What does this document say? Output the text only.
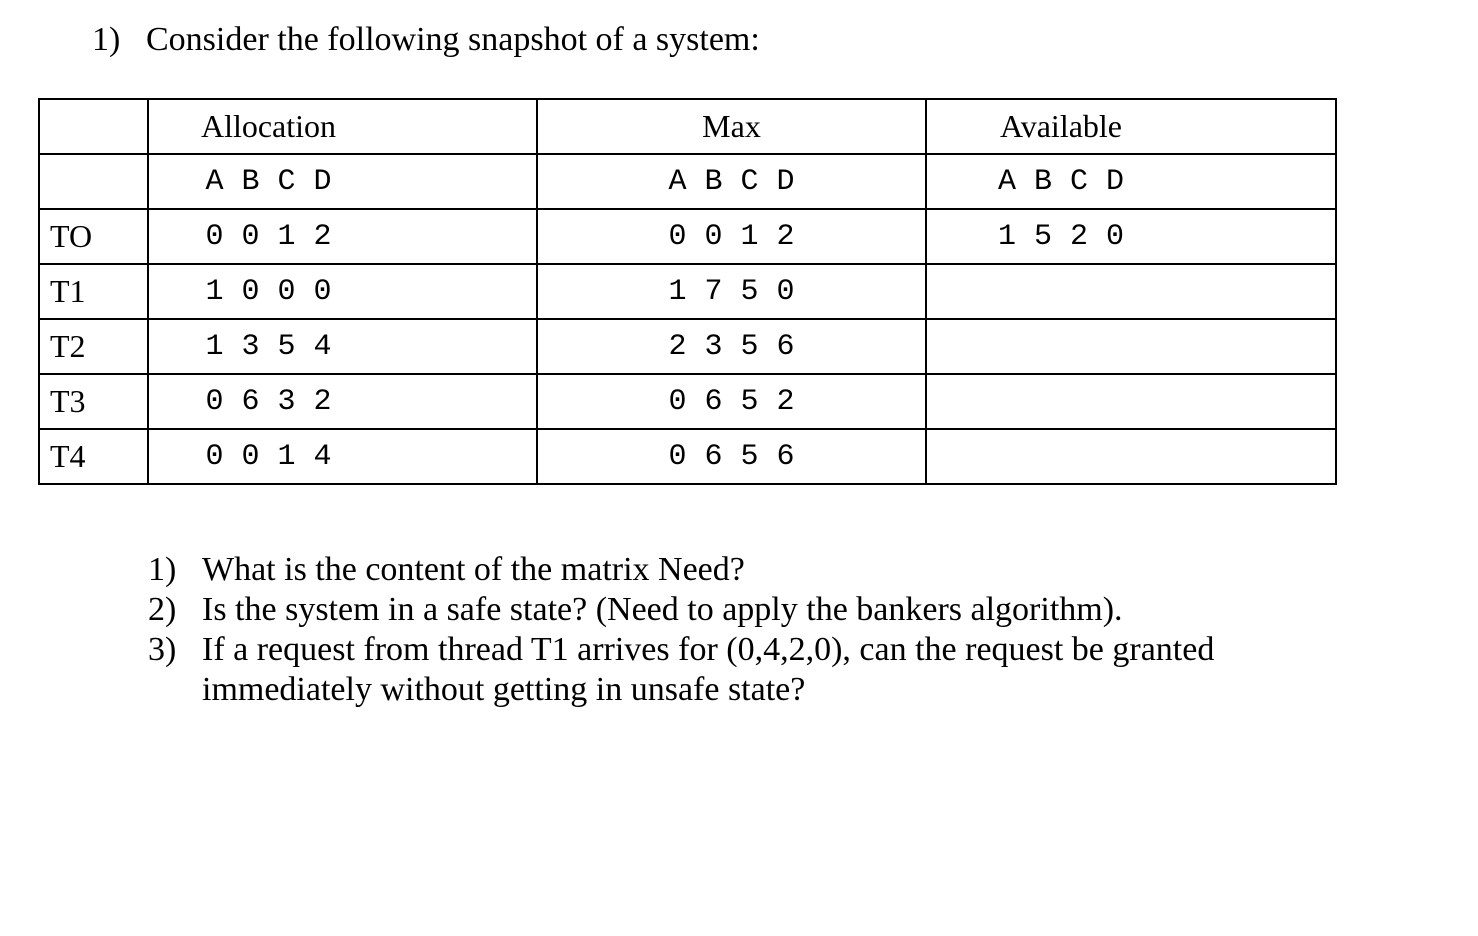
1) Consider the following snapshot of a system:
	Allocation	Max	Available
	A B C D	A B C D	A B C D
TO	0 0 1 2	0 0 1 2	1 5 2 0
T1	1 0 0 0	1 7 5 0	
T2	1 3 5 4	2 3 5 6	
T3	0 6 3 2	0 6 5 2	
T4	0 0 1 4	0 6 5 6	
1) What is the content of the matrix Need?
2) Is the system in a safe state? (Need to apply the bankers algorithm).
3) If a request from thread T1 arrives for (0,4,2,0), can the request be granted immediately without getting in unsafe state?
